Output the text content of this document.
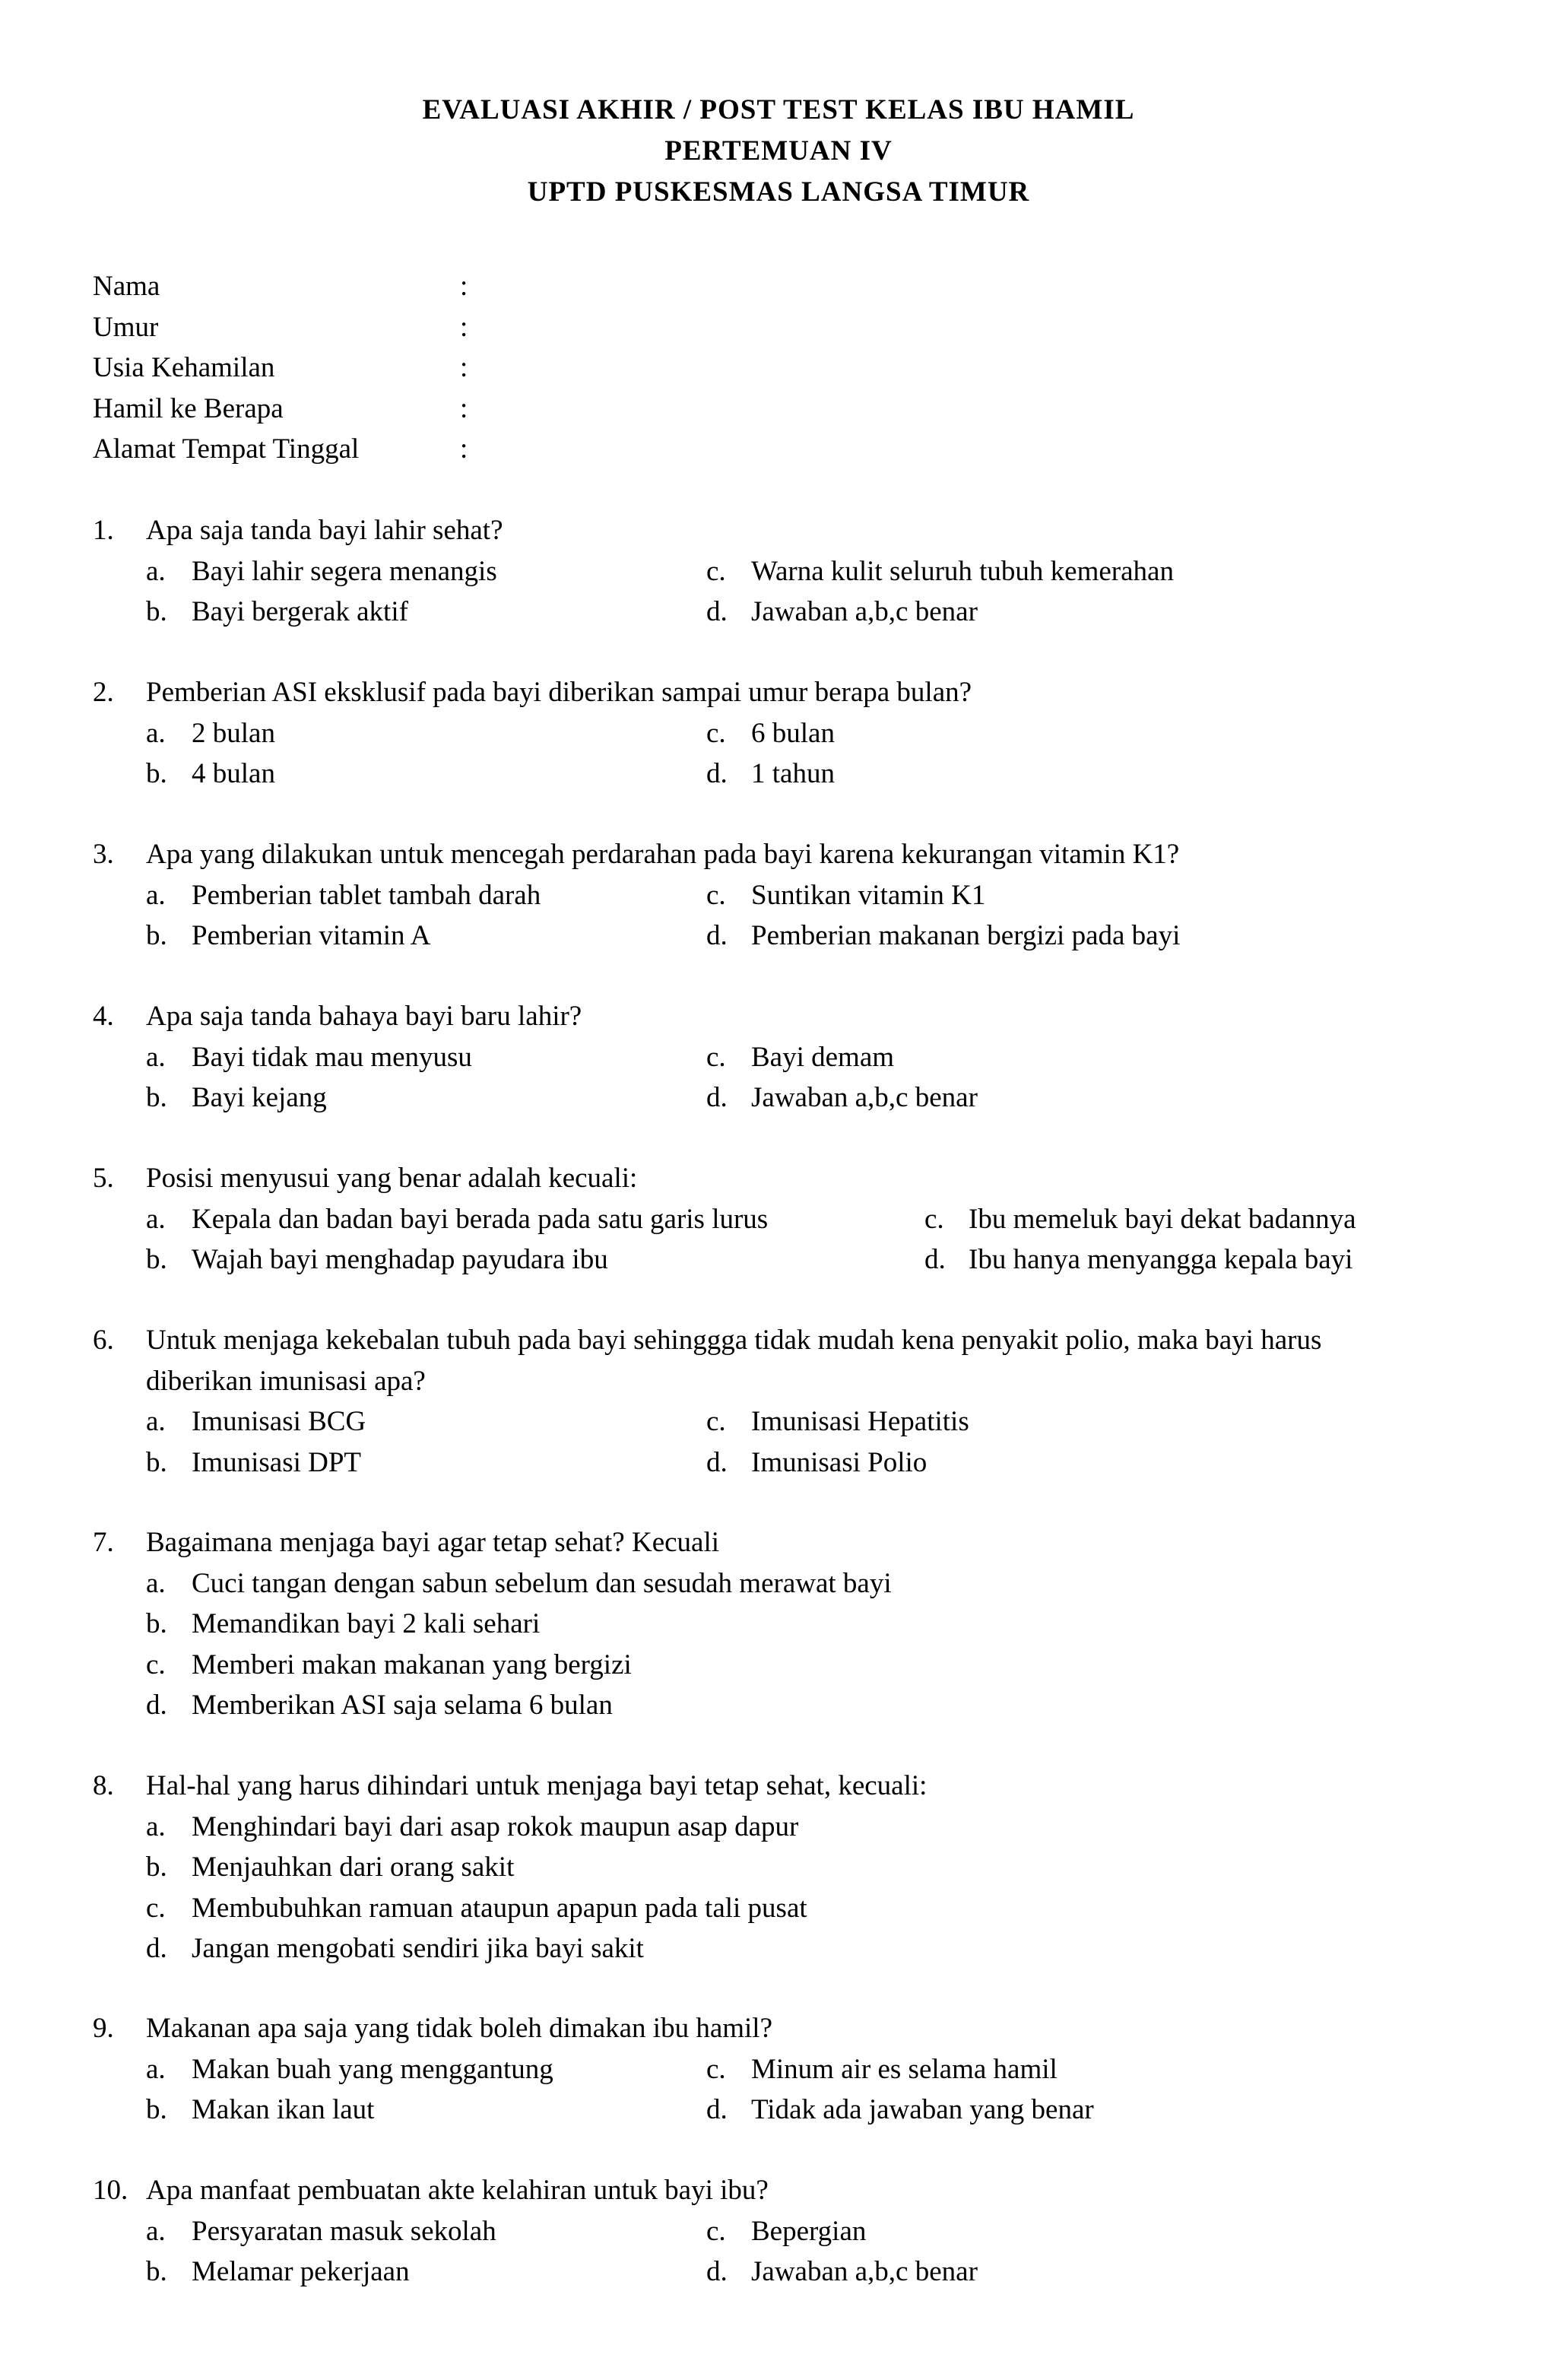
EVALUASI AKHIR / POST TEST KELAS IBU HAMIL
PERTEMUAN IV
UPTD PUSKESMAS LANGSA TIMUR
Nama	:
Umur	:
Usia Kehamilan	:
Hamil ke Berapa	:
Alamat Tempat Tinggal	:
1. Apa saja tanda bayi lahir sehat?
a. Bayi lahir segera menangis	c. Warna kulit seluruh tubuh kemerahan
b. Bayi bergerak aktif	d. Jawaban a,b,c benar
2. Pemberian ASI eksklusif pada bayi diberikan sampai umur berapa bulan?
a. 2 bulan	c. 6 bulan
b. 4 bulan	d. 1 tahun
3. Apa yang dilakukan untuk mencegah perdarahan pada bayi karena kekurangan vitamin K1?
a. Pemberian tablet tambah darah	c. Suntikan vitamin K1
b. Pemberian vitamin A	d. Pemberian makanan bergizi pada bayi
4. Apa saja tanda bahaya bayi baru lahir?
a. Bayi tidak mau menyusu	c. Bayi demam
b. Bayi kejang	d. Jawaban a,b,c benar
5. Posisi menyusui yang benar adalah kecuali:
a. Kepala dan badan bayi berada pada satu garis lurus	c. Ibu memeluk bayi dekat badannya
b. Wajah bayi menghadap payudara ibu	d. Ibu hanya menyangga kepala bayi
6. Untuk menjaga kekebalan tubuh pada bayi sehinggga tidak mudah kena penyakit polio, maka bayi harus
diberikan imunisasi apa?
a. Imunisasi BCG	c. Imunisasi Hepatitis
b. Imunisasi DPT	d. Imunisasi Polio
7. Bagaimana menjaga bayi agar tetap sehat? Kecuali
a. Cuci tangan dengan sabun sebelum dan sesudah merawat bayi
b. Memandikan bayi 2 kali sehari
c. Memberi makan makanan yang bergizi
d. Memberikan ASI saja selama 6 bulan
8. Hal-hal yang harus dihindari untuk menjaga bayi tetap sehat, kecuali:
a. Menghindari bayi dari asap rokok maupun asap dapur
b. Menjauhkan dari orang sakit
c. Membubuhkan ramuan ataupun apapun pada tali pusat
d. Jangan mengobati sendiri jika bayi sakit
9. Makanan apa saja yang tidak boleh dimakan ibu hamil?
a. Makan buah yang menggantung	c. Minum air es selama hamil
b. Makan ikan laut	d. Tidak ada jawaban yang benar
10. Apa manfaat pembuatan akte kelahiran untuk bayi ibu?
a. Persyaratan masuk sekolah	c. Bepergian
b. Melamar pekerjaan	d. Jawaban a,b,c benar
